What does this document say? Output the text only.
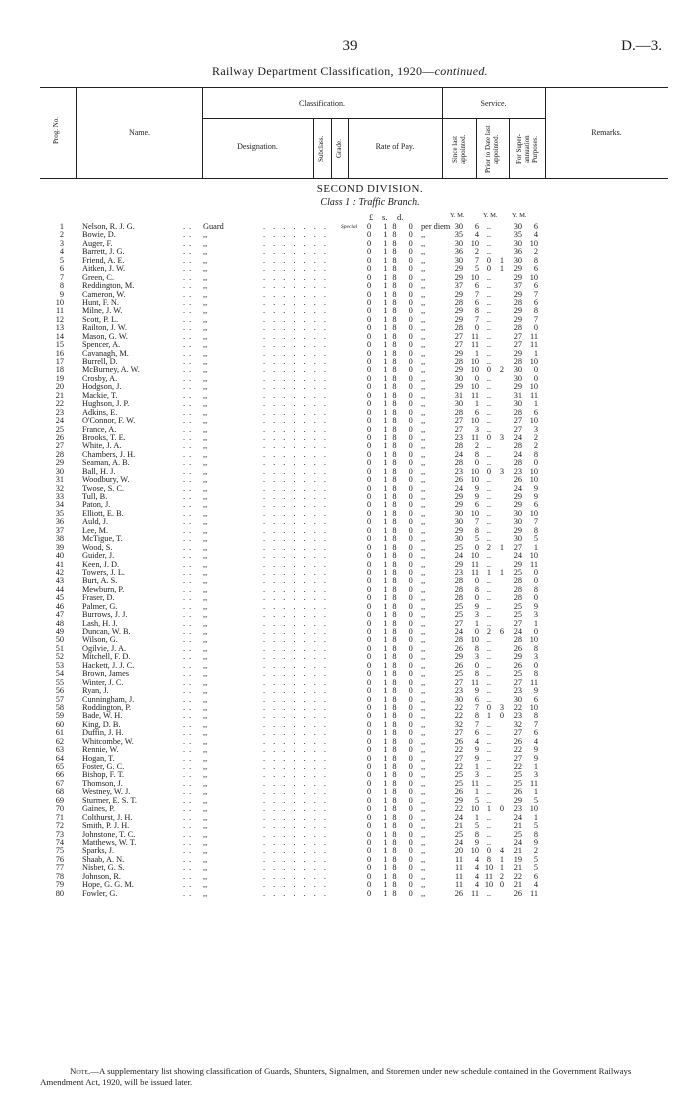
39	D.—3.
Railway Department Classification, 1920—continued.
Prog. No.	Name.
Classification.
Designation.	Subclass. Grade.	Rate of Pay.
Service.
Since last appointed. Prior to Date last appointed. For Super-annuation Purposes.
Remarks.
SECOND DIVISION.
Class 1 : Traffic Branch.
£ s. d.	Y. M.	Y. M. Y. M.
. .	. . . . . . .
1 Nelson, R. J. G.	Guard	Special 0 18 0 per diem 30	6 ..	30	6
. .	. . . . . . .
2 Bowie, D.	,,	0 18 0 ,,	35	4 ..	35	4
. .	. . . . . . .
3 Auger, F.	,,	0 18 0 ,,	30 10 ..	30 10
. .	. . . . . . .
4 Barrett, J. G.	,,	0 18 0 ,,	36	2 ..	36	2
. .	. . . . . . .
5 Friend, A. E.	,,	0 18 0 ,,	30	7 0	1	30	8
. .	. . . . . . .
6 Aitken, J. W.	,,	0 18 0 ,,	29	5 0	1	29	6
. .	. . . . . . .
7 Green, C.	,,	0 18 0 ,,	29 10 ..	29 10
. .	. . . . . . .
8 Reddington, M.	,,	0 18 0 ,,	37	6 ..	37	6
. .	. . . . . . .
9 Cameron, W.	,,	0 18 0 ,,	29	7 ..	29	7
. .	. . . . . . .
10 Hunt, F. N.	,,	0 18 0 ,,	28	6 ..	28	6
. .	. . . . . . .
11 Milne, J. W.	,,	0 18 0 ,,	29	8 ..	29	8
. .	. . . . . . .
12 Scott, P. L.	,,	0 18 0 ,,	29	7 ..	29	7
. .	. . . . . . .
13 Railton, J. W.	,,	0 18 0 ,,	28	0 ..	28	0
. .	. . . . . . .
14 Mason, G. W.	,,	0 18 0 ,,	27 11 ..	27 11
. .	. . . . . . .
15 Spencer, A.	,,	0 18 0 ,,	27 11 ..	27 11
. .	. . . . . . .
16 Cavanagh, M.	,,	0 18 0 ,,	29	1 ..	29	1
. .	. . . . . . .
17 Burrell, D.	,,	0 18 0 ,,	28 10 ..	28 10
. .	. . . . . . .
18 McBurney, A. W.	,,	0 18 0 ,,	29 10 0	2	30	0
. .	. . . . . . .
19 Crosby, A.	,,	0 18 0 ,,	30	0 ..	30	0
. .	. . . . . . .
20 Hodgson, J.	,,	0 18 0 ,,	29 10 ..	29 10
. .	. . . . . . .
21 Mackie, T.	,,	0 18 0 ,,	31 11 ..	31 11
. .	. . . . . . .
22 Hughson, J. P.	,,	0 18 0 ,,	30	1 ..	30	1
. .	. . . . . . .
23 Adkins, E.	,,	0 18 0 ,,	28	6 ..	28	6
. .	. . . . . . .
24 O'Connor, F. W.	,,	0 18 0 ,,	27 10 ..	27 10
. .	. . . . . . .
25 France, A.	,,	0 18 0 ,,	27	3 ..	27	3
. .	. . . . . . .
26 Brooks, T. E.	,,	0 18 0 ,,	23 11 0	3	24	2
. .	. . . . . . .
27 White, J. A.	,,	0 18 0 ,,	28	2 ..	28	2
. .	. . . . . . .
28 Chambers, J. H.	,,	0 18 0 ,,	24	8 ..	24	8
. .	. . . . . . .
29 Seaman, A. B.	,,	0 18 0 ,,	28	0 ..	28	0
. .	. . . . . . .
30 Ball, H. J.	,,	0 18 0 ,,	23 10 0	3	23 10
. .	. . . . . . .
31 Woodbury, W.	,,	0 18 0 ,,	26 10 ..	26 10
. .	. . . . . . .
32 Twose, S. C.	,,	0 18 0 ,,	24	9 ..	24	9
. .	. . . . . . .
33 Tull, B.	,,	0 18 0 ,,	29	9 ..	29	9
. .	. . . . . . .
34 Paton, J.	,,	0 18 0 ,,	29	6 ..	29	6
. .	. . . . . . .
35 Elliott, E. B.	,,	0 18 0 ,,	30 10 ..	30 10
. .	. . . . . . .
36 Auld, J.	,,	0 18 0 ,,	30	7 ..	30	7
. .	. . . . . . .
37 Lee, M.	,,	0 18 0 ,,	29	8 ..	29	8
. .	. . . . . . .
38 McTigue, T.	,,	0 18 0 ,,	30	5 ..	30	5
. .	. . . . . . .
39 Wood, S.	,,	0 18 0 ,,	25	0 2	1	27	1
. .	. . . . . . .
40 Guider, J.	,,	0 18 0 ,,	24 10 ..	24 10
. .	. . . . . . .
41 Keen, J. D.	,,	0 18 0 ,,	29 11 ..	29 11
. .	. . . . . . .
42 Towers, J. L.	,,	0 18 0 ,,	23 11 1	1	25	0
. .	. . . . . . .
43 Burt, A. S.	,,	0 18 0 ,,	28	0 ..	28	0
. .	. . . . . . .
44 Mewburn, P.	,,	0 18 0 ,,	28	8 ..	28	8
. .	. . . . . . .
45 Fraser, D.	,,	0 18 0 ,,	28	0 ..	28	0
. .	. . . . . . .
46 Palmer, G.	,,	0 18 0 ,,	25	9 ..	25	9
. .	. . . . . . .
47 Burrows, J. J.	,,	0 18 0 ,,	25	3 ..	25	3
. .	. . . . . . .
48 Lash, H. J.	,,	0 18 0 ,,	27	1 ..	27	1
. .	. . . . . . .
49 Duncan, W. B.	,,	0 18 0 ,,	24	0 2	6	24	0
. .	. . . . . . .
50 Wilson, G.	,,	0 18 0 ,,	28 10 ..	28 10
. .	. . . . . . .
51 Ogilvie, J. A.	,,	0 18 0 ,,	26	8 ..	26	8
. .	. . . . . . .
52 Mitchell, F. D.	,,	0 18 0 ,,	29	3 ..	29	3
. .	. . . . . . .
53 Hackett, J. J. C.	,,	0 18 0 ,,	26	0 ..	26	0
. .	. . . . . . .
54 Brown, James	,,	0 18 0 ,,	25	8 ..	25	8
. .	. . . . . . .
55 Winter, J. C.	,,	0 18 0 ,,	27 11 ..	27 11
. .	. . . . . . .
56 Ryan, J.	,,	0 18 0 ,,	23	9 ..	23	9
. .	. . . . . . .
57 Cunningham, J.	,,	0 18 0 ,,	30	6 ..	30	6
. .	. . . . . . .
58 Roddington, P.	,,	0 18 0 ,,	22	7 0	3	22 10
. .	. . . . . . .
59 Bade, W. H.	,,	0 18 0 ,,	22	8 1	0	23	8
. .	. . . . . . .
60 King, D. B.	,,	0 18 0 ,,	32	7 ..	32	7
. .	. . . . . . .
61 Duffin, J. H.	,,	0 18 0 ,,	27	6 ..	27	6
. .	. . . . . . .
62 Whitcombe, W.	,,	0 18 0 ,,	26	4 ..	26	4
. .	. . . . . . .
63 Rennie, W.	,,	0 18 0 ,,	22	9 ..	22	9
. .	. . . . . . .
64 Hogan, T.	,,	0 18 0 ,,	27	9 ..	27	9
. .	. . . . . . .
65 Foster, G. C.	,,	0 18 0 ,,	22	1 ..	22	1
. .	. . . . . . .
66 Bishop, F. T.	,,	0 18 0 ,,	25	3 ..	25	3
. .	. . . . . . .
67 Thomson, J.	,,	0 18 0 ,,	25 11 ..	25 11
. .	. . . . . . .
68 Westney, W. J.	,,	0 18 0 ,,	26	1 ..	26	1
. .	. . . . . . .
69 Sturmer, E. S. T.	,,	0 18 0 ,,	29	5 ..	29	5
. .	. . . . . . .
70 Gaines, P.	,,	0 18 0 ,,	22 10 1	0	23 10
. .	. . . . . . .
71 Colthurst, J. H.	,,	0 18 0 ,,	24	1 ..	24	1
. .	. . . . . . .
72 Smith, P. J. H.	,,	0 18 0 ,,	21	5 ..	21	5
. .	. . . . . . .
73 Johnstone, T. C.	,,	0 18 0 ,,	25	8 ..	25	8
. .	. . . . . . .
74 Matthews, W. T.	,,	0 18 0 ,,	24	9 ..	24	9
. .	. . . . . . .
75 Sparks, J.	,,	0 18 0 ,,	20 10 0	4	21	2
. .	. . . . . . .
76 Shaab, A. N.	,,	0 18 0 ,,	11	4 8	1	19	5
. .	. . . . . . .
77 Nisbet, G. S.	,,	0 18 0 ,,	11	4 10 1	21	5
. .	. . . . . . .
78 Johnson, R.	,,	0 18 0 ,,	11	4 11 2	22	6
. .	. . . . . . .
79 Hope, G. G. M.	,,	0 18 0 ,,	11	4 10 0	21	4
. .	. . . . . . .
80 Fowler, G.	,,	0 18 0 ,,	26 11 ..	26 11
Note.—A supplementary list showing classification of Guards, Shunters, Signalmen, and Storemen under new schedule contained in the Government Railways Amendment Act, 1920, will be issued later.
